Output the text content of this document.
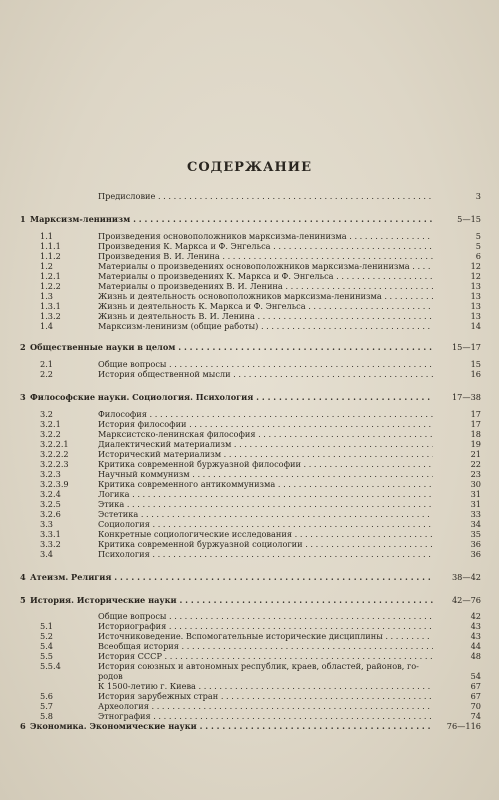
СОДЕРЖАНИЕ
Предисловие . . .	3
1 Марксизм-ленинизм . . .	5—15
1.1	Произведения основоположников марксизма-ленинизма . . .	5
1.1.1	Произведения К. Маркса и Ф. Энгельса . . .	5
1.1.2	Произведения В. И. Ленина . . .	6
1.2	Материалы о произведениях основоположников марксизма-ленинизма . . .	12
1.2.1	Материалы о произведениях К. Маркса и Ф. Энгельса . . .	12
1.2.2	Материалы о произведениях В. И. Ленина . . .	13
1.3	Жизнь и деятельность основоположников марксизма-ленинизма . . .	13
1.3.1	Жизнь и деятельность К. Маркса и Ф. Энгельса . . .	13
1.3.2	Жизнь и деятельность В. И. Ленина . . .	13
1.4	Марксизм-ленинизм (общие работы) . . .	14
2 Общественные науки в целом . . .	15—17
2.1	Общие вопросы . . .	15
2.2	История общественной мысли . . .	16
3 Философские науки. Социология. Психология . . .	17—38
3.2	Философия . . .	17
3.2.1	История философии . . .	17
3.2.2	Марксистско-ленинская философия . . .	18
3.2.2.1	Диалектический материализм . . .	19
3.2.2.2	Исторический материализм . . .	21
3.2.2.3	Критика современной буржуазной философии . . .	22
3.2.3	Научный коммунизм . . .	23
3.2.3.9	Критика современного антикоммунизма . . .	30
3.2.4	Логика . . .	31
3.2.5	Этика . . .	31
3.2.6	Эстетика . . .	33
3.3	Социология . . .	34
3.3.1	Конкретные социологические исследования . . .	35
3.3.2	Критика современной буржуазной социологии . . .	36
3.4	Психология . . .	36
4 Атеизм. Религия . . .	38—42
5 История. Исторические науки . . .	42—76
Общие вопросы . . .	42
5.1	Историография . . .	43
5.2	Источниковедение. Вспомогательные исторические дисциплины . . .	43
5.4	Всеобщая история . . .	44
5.5	История СССР . . .	48
5.5.4	История союзных и автономных республик, краев, областей, районов, го-
родов	54
К 1500-летию г. Киева . . .	67
5.6	История зарубежных стран . . .	67
5.7	Археология . . .	70
5.8	Этнография . . .	74
6 Экономика. Экономические науки . . .	76—116
